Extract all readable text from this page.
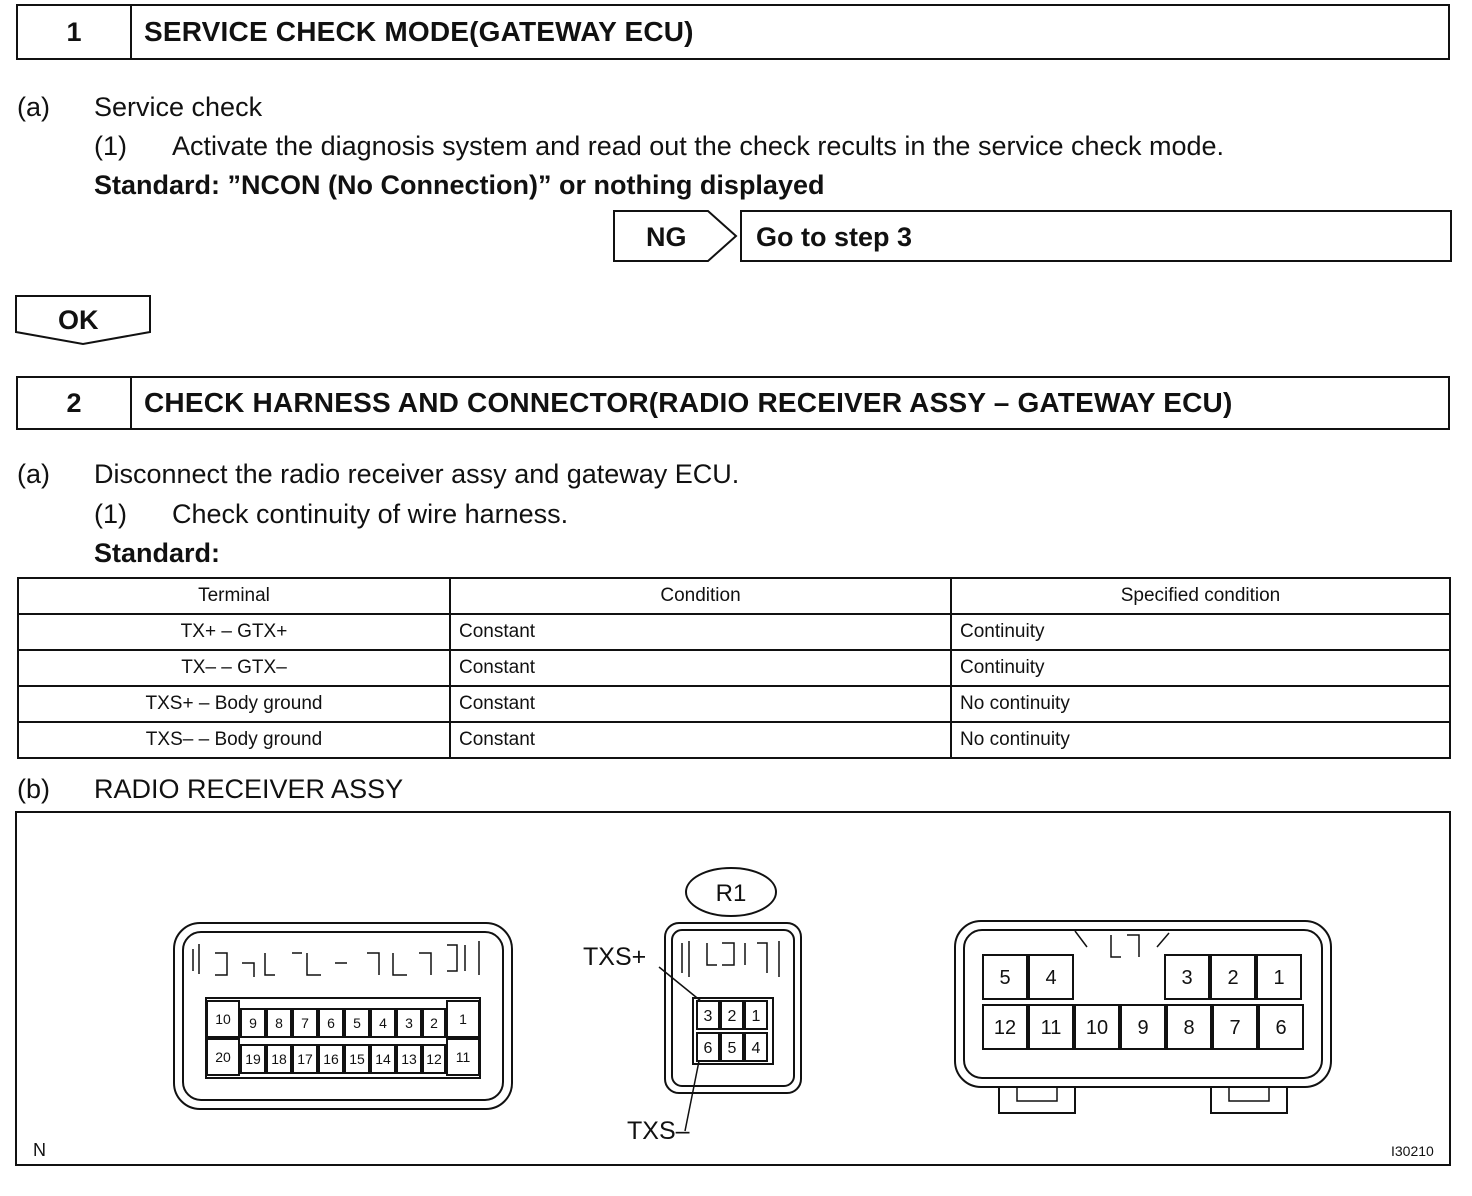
1	SERVICE CHECK MODE(GATEWAY ECU)
(a) Service check
(1) Activate the diagnosis system and read out the check recults in the service check mode.
Standard: ”NCON (No Connection)” or nothing displayed
NG	Go to step 3
OK
2	CHECK HARNESS AND CONNECTOR(RADIO RECEIVER ASSY – GATEWAY ECU)
(a) Disconnect the radio receiver assy and gateway ECU.
(1) Check continuity of wire harness.
Standard:
Terminal	Condition	Specified condition
TX+ – GTX+	Constant	Continuity
TX– – GTX–	Constant	Continuity
TXS+ – Body ground	Constant	No continuity
TXS– – Body ground	Constant	No continuity
(b) RADIO RECEIVER ASSY
10 9 8 7 6 5 4 3 2 1
20 19 18 17 16 15 14 13 12 11
3 2 1
6 5 4
5 4	3 2 1
12 11 10 9 8 7 6
R1
TXS+
TXS–
N	I30210
